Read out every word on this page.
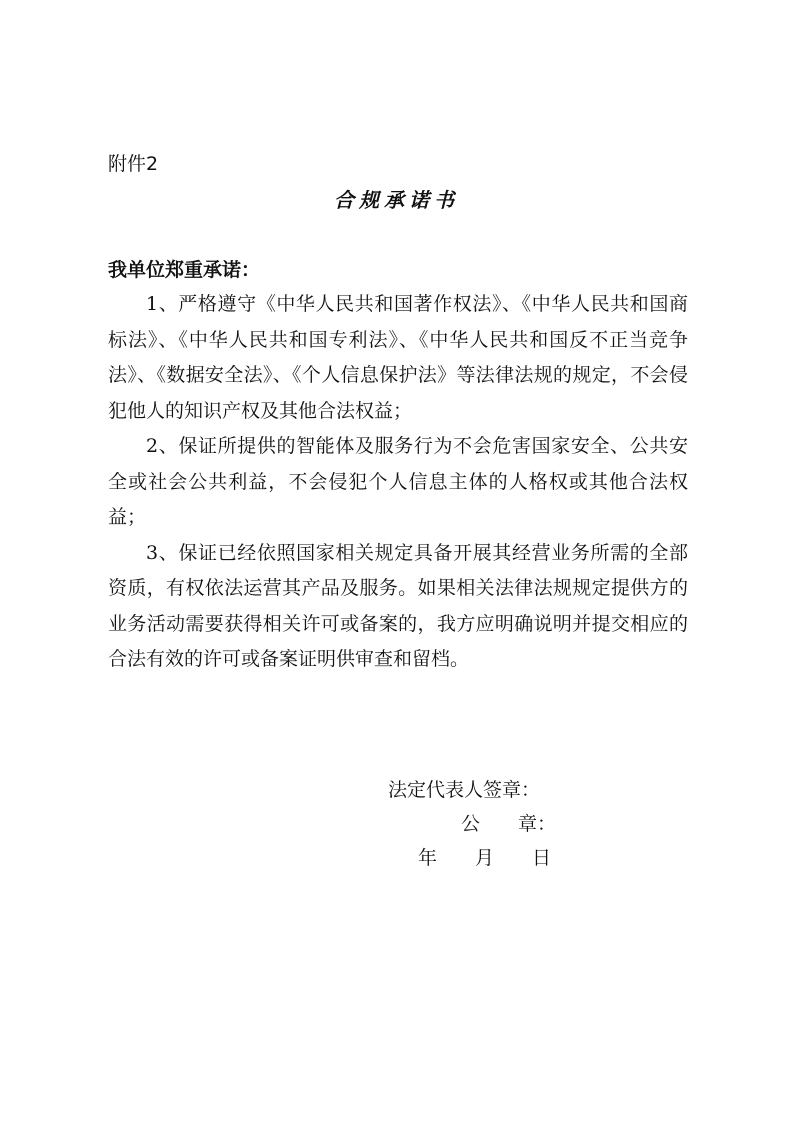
附件2
合规承诺书
我单位郑重承诺：

1、严格遵守《中华人民共和国著作权法》、《中华人民共和国商标法》、《中华人民共和国专利法》、《中华人民共和国反不正当竞争法》、《数据安全法》、《个人信息保护法》等法律法规的规定，不会侵犯他人的知识产权及其他合法权益；

2、保证所提供的智能体及服务行为不会危害国家安全、公共安全或社会公共利益，不会侵犯个人信息主体的人格权或其他合法权益；

3、保证已经依照国家相关规定具备开展其经营业务所需的全部资质，有权依法运营其产品及服务。如果相关法律法规规定提供方的业务活动需要获得相关许可或备案的，我方应明确说明并提交相应的合法有效的许可或备案证明供审查和留档。

法定代表人签章：
公　　章：
年　　月　　日
